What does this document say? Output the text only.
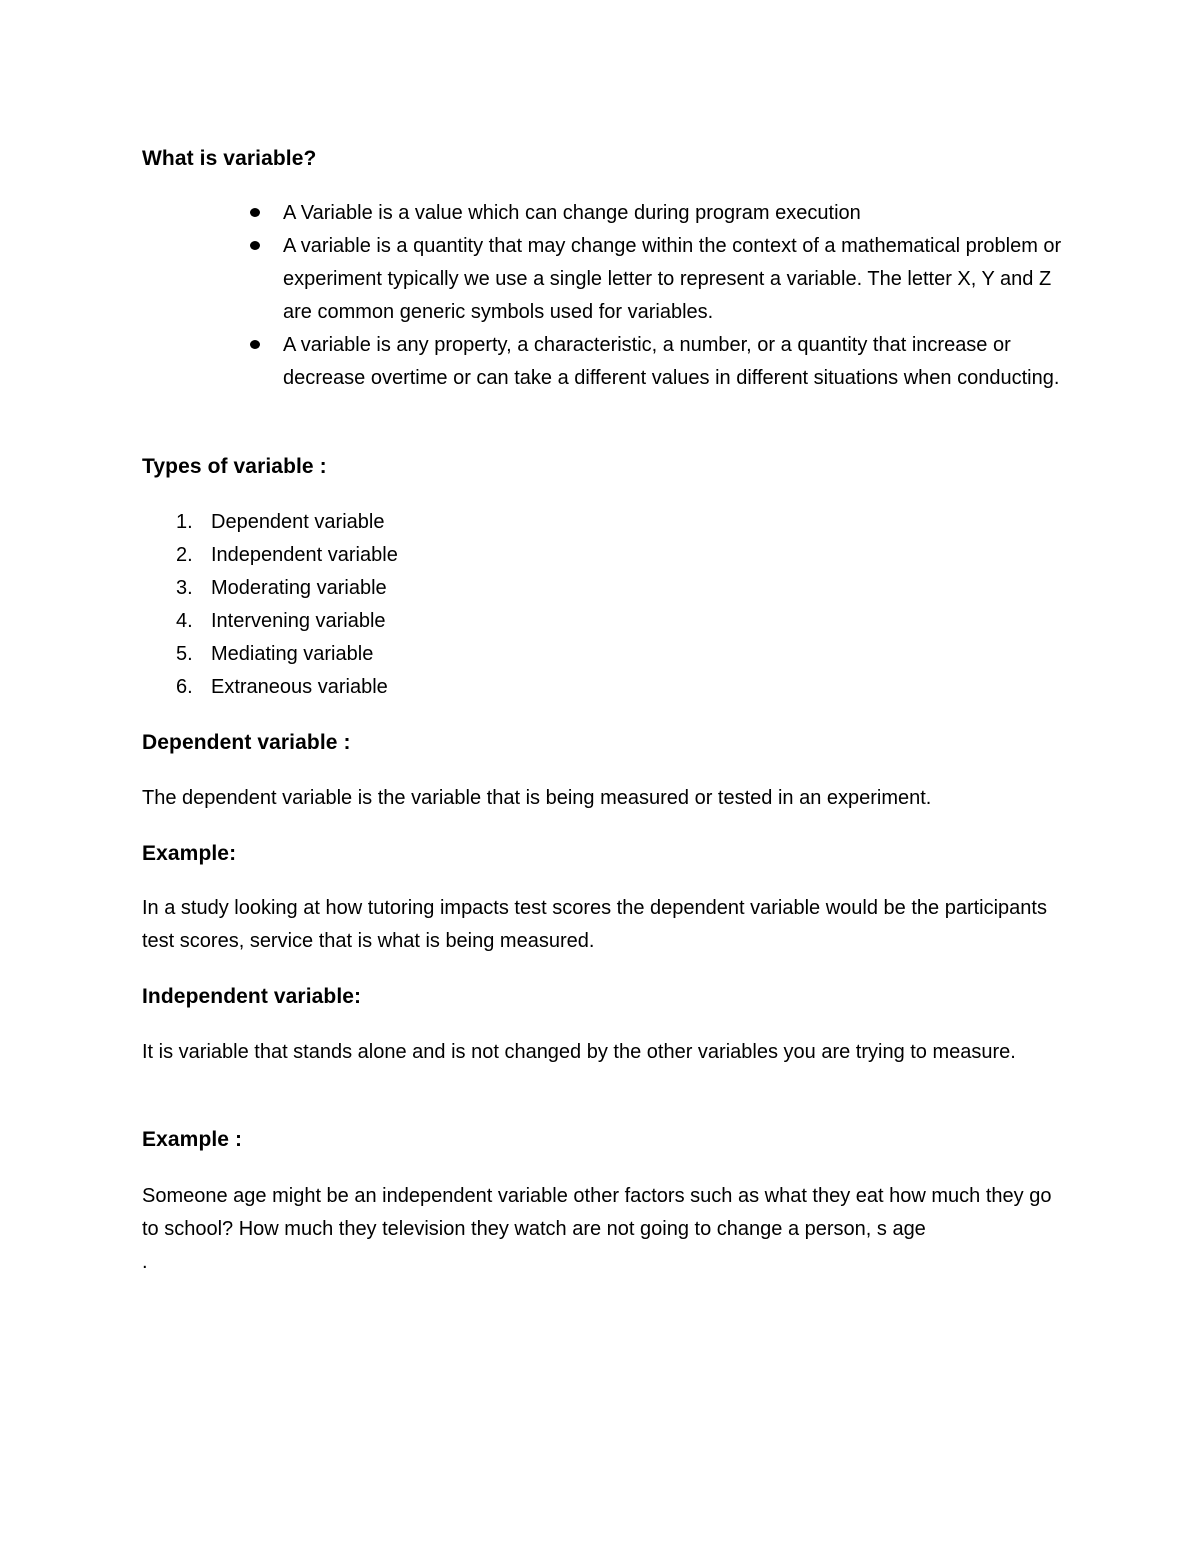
What is variable?
A Variable is a value which can change during program execution
A variable is a quantity that may change within the context of a mathematical problem or experiment typically we use a single letter to represent a variable. The letter X, Y and Z are common generic symbols used for variables.
A variable is any property, a characteristic, a number, or a quantity that increase or decrease overtime or can take a different values in different situations when conducting.
Types of variable :
1. Dependent variable
2. Independent variable
3. Moderating variable
4. Intervening variable
5. Mediating variable
6. Extraneous variable
Dependent variable :

The dependent variable is the variable that is being measured or tested in an experiment.

Example:

In a study looking at how tutoring impacts test scores the dependent variable would be the participants test scores, service that is what is being measured.

Independent variable:

It is variable that stands alone and is not changed by the other variables you are trying to measure.

Example :

Someone age might be an independent variable other factors such as what they eat how much they go to school? How much they television they watch are not going to change a person, s age

.
